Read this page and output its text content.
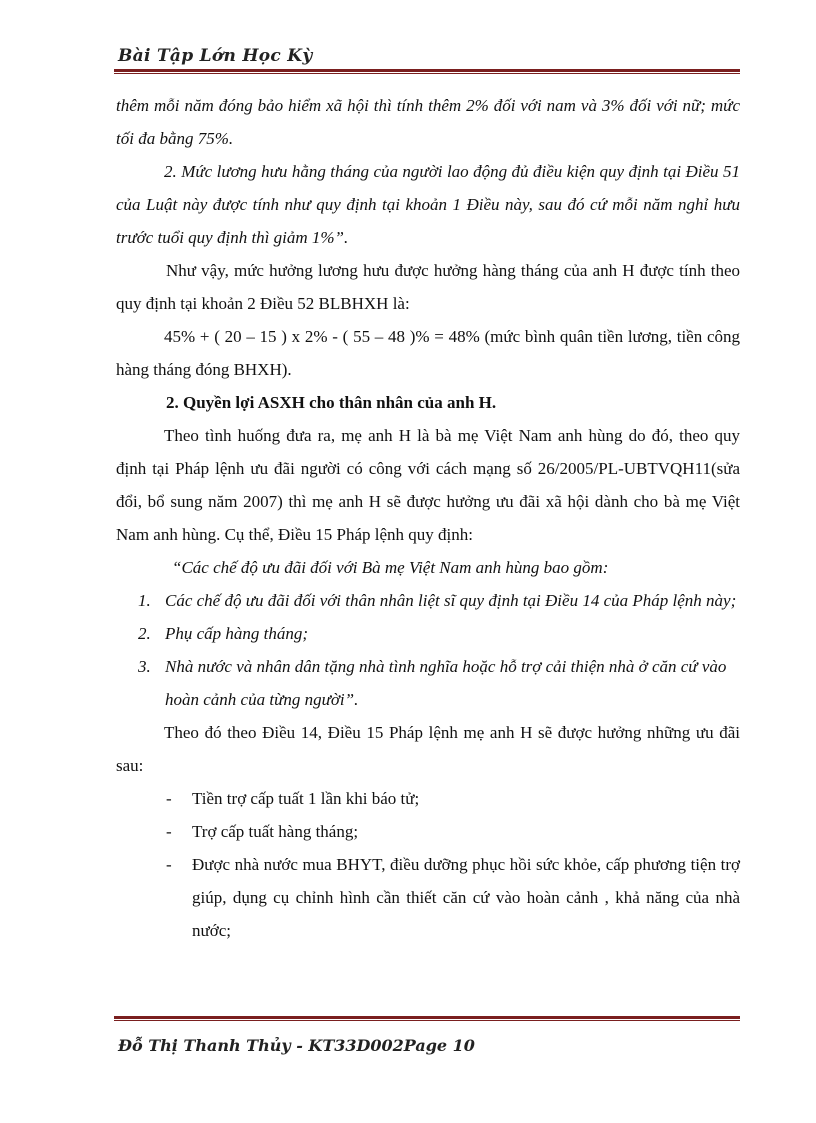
Bài Tập Lớn Học Kỳ

thêm mỗi năm đóng bảo hiểm xã hội thì tính thêm 2% đối với nam và 3% đối với nữ; mức tối đa bằng 75%.

2. Mức lương hưu hằng tháng của người lao động đủ điều kiện quy định tại Điều 51 của Luật này được tính như quy định tại khoản 1 Điều này, sau đó cứ mỗi năm nghỉ hưu trước tuổi quy định thì giảm 1%”.

Như vậy, mức hưởng lương hưu được hưởng hàng tháng của anh H được tính theo quy định tại khoản 2 Điều 52 BLBHXH là:

45% + ( 20 – 15 ) x 2% - ( 55 – 48 )% = 48% (mức bình quân tiền lương, tiền công hàng tháng đóng BHXH).

2. Quyền lợi ASXH cho thân nhân của anh H.

Theo tình huống đưa ra, mẹ anh H là bà mẹ Việt Nam anh hùng do đó, theo quy định tại Pháp lệnh ưu đãi người có công với cách mạng số 26/2005/PL-UBTVQH11(sửa đổi, bổ sung năm 2007) thì mẹ anh H sẽ được hưởng ưu đãi xã hội dành cho bà mẹ Việt Nam anh hùng. Cụ thể, Điều 15 Pháp lệnh quy định:

“Các chế độ ưu đãi đối với Bà mẹ Việt Nam anh hùng bao gồm:

1. Các chế độ ưu đãi đối với thân nhân liệt sĩ quy định tại Điều 14 của Pháp lệnh này;
2. Phụ cấp hàng tháng;
3. Nhà nước và nhân dân tặng nhà tình nghĩa hoặc hỗ trợ cải thiện nhà ở căn cứ vào hoàn cảnh của từng người”.

Theo đó theo Điều 14, Điều 15 Pháp lệnh mẹ anh H sẽ được hưởng những ưu đãi sau:

-	Tiền trợ cấp tuất 1 lần khi báo tử;
-	Trợ cấp tuất hàng tháng;
-	Được nhà nước mua BHYT, điều dưỡng phục hồi sức khỏe, cấp phương tiện trợ giúp, dụng cụ chỉnh hình cần thiết căn cứ vào hoàn cảnh , khả năng của nhà nước;
Đỗ Thị Thanh Thủy - KT33D002Page 10
